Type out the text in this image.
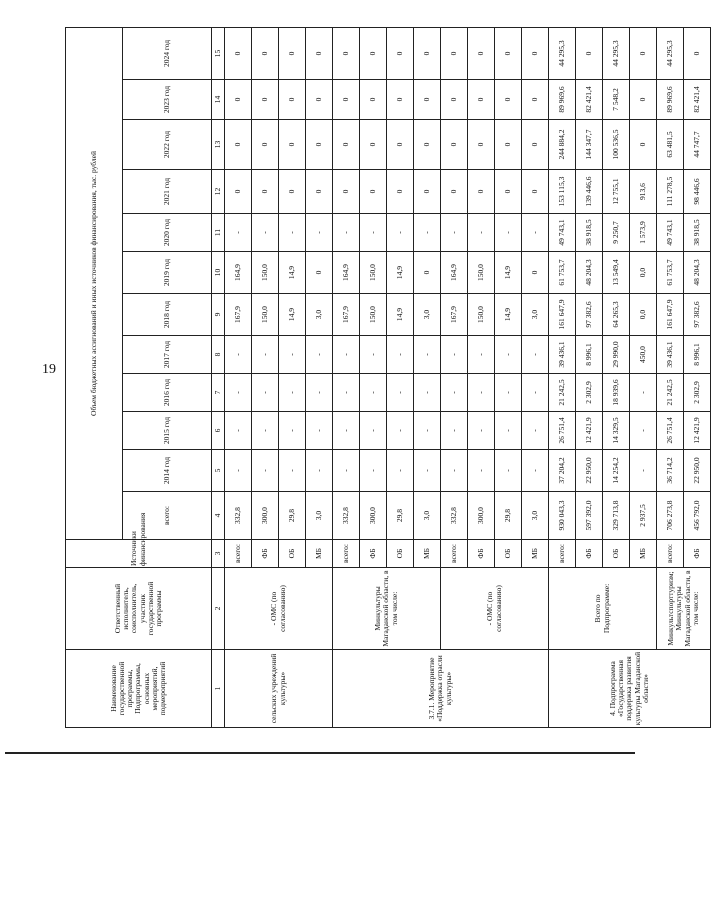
19
Наименование государственной программы, Подпрограммы, основных мероприятий, подмероприятий	Ответственный исполнитель, соисполнитель, участник государственной программы	Источники финансирования	Объем бюджетных ассигнований и иных источников финансирования, тыс. рублей											
			всего:	2014 год	2015 год	2016 год	2017 год	2018 год	2019 год	2020 год	2021 год	2022 год	2023 год	2024 год
1	2	3	4	5	6	7	8	9	10	11	12	13	14	15
сельских учреждений культуры»	- ОМС (по согласованию)	всего:	332,8	-	-	-	-	167,9	164,9	-	0	0	0	0
		ФБ	300,0	-	-	-	-	150,0	150,0	-	0	0	0	0
		ОБ	29,8	-	-	-	-	14,9	14,9	-	0	0	0	0
		МБ	3,0	-	-	-	-	3,0	0	-	0	0	0	0
3.7.1. Мероприятие «Поддержка отрасли культуры»	Минкультуры Магаданской области, в том числе:	всего:	332,8	-	-	-	-	167,9	164,9	-	0	0	0	0
		ФБ	300,0	-	-	-	-	150,0	150,0	-	0	0	0	0
		ОБ	29,8	-	-	-	-	14,9	14,9	-	0	0	0	0
		МБ	3,0	-	-	-	-	3,0	0	-	0	0	0	0
	- ОМС (по согласованию)	всего:	332,8	-	-	-	-	167,9	164,9	-	0	0	0	0
		ФБ	300,0	-	-	-	-	150,0	150,0	-	0	0	0	0
		ОБ	29,8	-	-	-	-	14,9	14,9	-	0	0	0	0
		МБ	3,0	-	-	-	-	3,0	0	-	0	0	0	0
4. Подпрограмма «Государственная поддержка развития культуры Магаданской области»	Всего по Подпрограмме:	всего:	930 043,3	37 204,2	26 751,4	21 242,5	39 436,1	161 647,9	61 753,7	49 743,1	153 115,3	244 884,2	89 969,6	44 295,3
		ФБ	597 392,0	22 950,0	12 421,9	2 302,9	8 996,1	97 382,6	48 204,3	38 918,5	139 446,6	144 347,7	82 421,4	0
		ОБ	329 713,8	14 254,2	14 329,5	18 939,6	29 990,0	64 265,3	13 549,4	9 250,7	12 755,1	100 536,5	7 548,2	44 295,3
		МБ	2 937,5	-	-	-	450,0	0,0	0,0	1 573,9	913,6	0	0	0
	Минкультспорттуризм; Минкультуры Магаданской области, в том числе:	всего:	706 273,8	36 714,2	26 751,4	21 242,5	39 436,1	161 647,9	61 753,7	49 743,1	111 278,5	63 481,5	89 969,6	44 295,3
		ФБ	456 792,0	22 950,0	12 421,9	2 302,9	8 996,1	97 382,6	48 204,3	38 918,5	98 446,6	44 747,7	82 421,4	0
